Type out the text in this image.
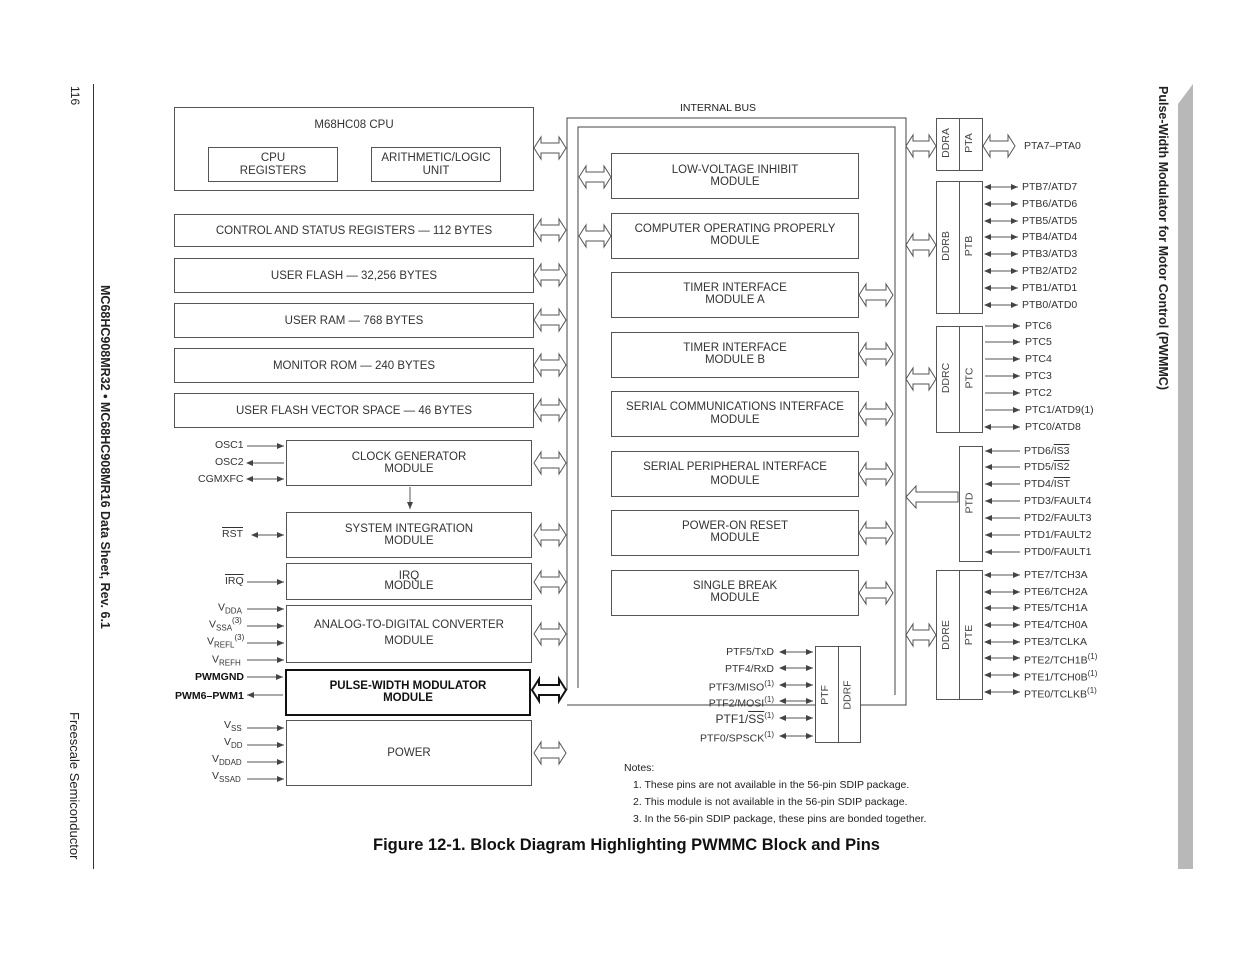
116
MC68HC908MR32 • MC68HC908MR16 Data Sheet, Rev. 6.1
Freescale Semiconductor
Pulse-Width Modulator for Motor Control (PWMMC)
INTERNAL BUS
M68HC08 CPU
CPU
REGISTERS
ARITHMETIC/LOGIC
UNIT
CONTROL AND STATUS REGISTERS — 112 BYTES
USER FLASH — 32,256 BYTES
USER RAM — 768 BYTES
MONITOR ROM — 240 BYTES
USER FLASH VECTOR SPACE — 46 BYTES
CLOCK GENERATOR
MODULE
SYSTEM INTEGRATION
MODULE
IRQ
MODULE
ANALOG-TO-DIGITAL CONVERTER
MODULE
PULSE-WIDTH MODULATOR
MODULE
POWER
LOW-VOLTAGE INHIBIT
MODULE
COMPUTER OPERATING PROPERLY
MODULE
TIMER INTERFACE
MODULE A
TIMER INTERFACE
MODULE B
SERIAL COMMUNICATIONS INTERFACE
MODULE
SERIAL PERIPHERAL INTERFACE
MODULE
POWER-ON RESET
MODULE
SINGLE BREAK
MODULE
DDRA PTA
DDRB PTB
DDRC PTC
PTD
DDRE PTE
PTF DDRF
OSC1
OSC2
CGMXFC
$\overline{RST}$
$\overline{IRQ}$
$V_{DDA}$
$V_{SSA}^{(3)}$
$V_{REFL}^{(3)}$
$V_{REFH}$
PWMGND
PWM6–PWM1
$V_{SS}$
$V_{DD}$
$V_{DDAD}$
$V_{SSAD}$
PTA7–PTA0
PTB7/ATD7
PTB6/ATD6
PTB5/ATD5
PTB4/ATD4
PTB3/ATD3
PTB2/ATD2
PTB1/ATD1
PTB0/ATD0
PTC6
PTC5
PTC4
PTC3
PTC2
PTC1/ATD9(1)
PTC0/ATD8
PTD6/IS3
PTD5/IS2
$PTD4/\overline{IST}$
PTD3/FAULT4
PTD2/FAULT3
PTD1/FAULT2
PTD0/FAULT1
PTE7/TCH3A
PTE6/TCH2A
PTE5/TCH1A
PTE4/TCH0A
PTE3/TCLKA
$PTE2/TCH1B^{(1)}$
$PTE1/TCH0B^{(1)}$
PTE0/TCLKB$^{(1)}$
PTF5/TxD
PTF4/RxD
PTF3/MISO$^{(1)}$
PTF2/MOSI$^{(1)}$
$PTF1/\overline{SS}^{(1)}$
PTF0/SPSCK$^{(1)}$
Notes:
1. These pins are not available in the 56-pin SDIP package.
2. This module is not available in the 56-pin SDIP package.
3. In the 56-pin SDIP package, these pins are bonded together.
Figure 12-1. Block Diagram Highlighting PWMMC Block and Pins
